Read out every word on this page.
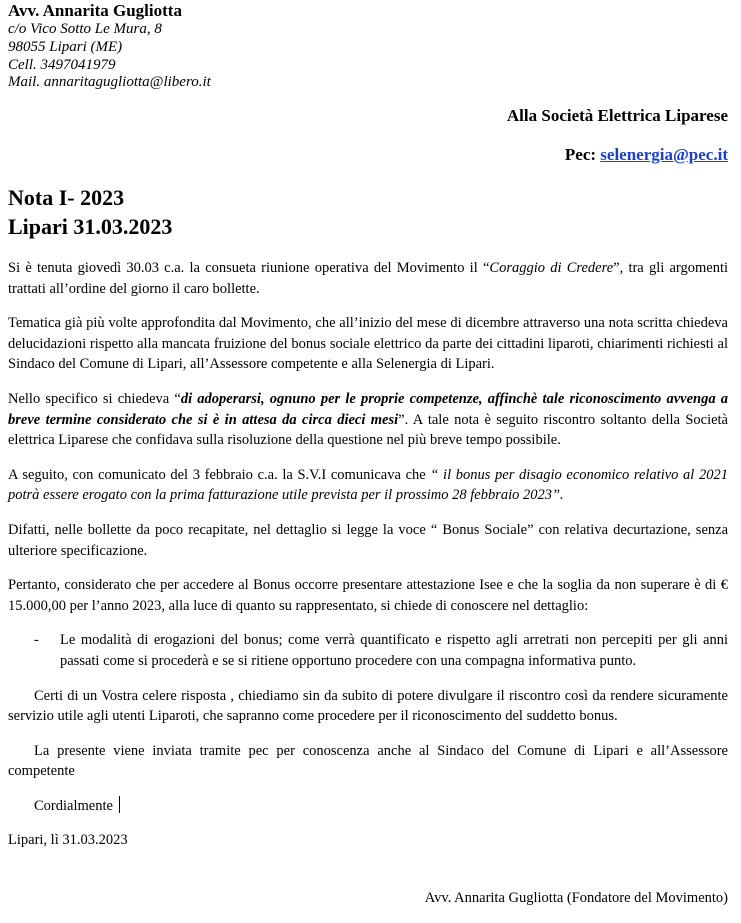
Avv. Annarita Gugliotta
c/o Vico Sotto Le Mura, 8
98055 Lipari (ME)
Cell. 3497041979
Mail. annaritagugliotta@libero.it
Alla Società Elettrica Liparese
Pec: selenergia@pec.it
Nota I- 2023
Lipari 31.03.2023

Si è tenuta giovedì 30.03 c.a. la consueta riunione operativa del Movimento il “Coraggio di Credere”, tra gli argomenti trattati all’ordine del giorno il caro bollette.

Tematica già più volte approfondita dal Movimento, che all’inizio del mese di dicembre attraverso una nota scritta chiedeva delucidazioni rispetto alla mancata fruizione del bonus sociale elettrico da parte dei cittadini liparoti, chiarimenti richiesti al Sindaco del Comune di Lipari, all’Assessore competente e alla Selenergia di Lipari.

Nello specifico si chiedeva “di adoperarsi, ognuno per le proprie competenze, affinchè tale riconoscimento avvenga a breve termine considerato che si è in attesa da circa dieci mesi”. A tale nota è seguito riscontro soltanto della Società elettrica Liparese che confidava sulla risoluzione della questione nel più breve tempo possibile.

A seguito, con comunicato del 3 febbraio c.a. la S.V.I comunicava che “ il bonus per disagio economico relativo al 2021 potrà essere erogato con la prima fatturazione utile prevista per il prossimo 28 febbraio 2023”.

Difatti, nelle bollette da poco recapitate, nel dettaglio si legge la voce “ Bonus Sociale” con relativa decurtazione, senza ulteriore specificazione.

Pertanto, considerato che per accedere al Bonus occorre presentare attestazione Isee e che la soglia da non superare è di € 15.000,00 per l’anno 2023, alla luce di quanto su rappresentato, si chiede di conoscere nel dettaglio:

-	Le modalità di erogazioni del bonus; come verrà quantificato e rispetto agli arretrati non percepiti per gli anni passati come si procederà e se si ritiene opportuno procedere con una compagna informativa punto.

Certi di un Vostra celere risposta , chiediamo sin da subito di potere divulgare il riscontro così da rendere sicuramente servizio utile agli utenti Liparoti, che sapranno come procedere per il riconoscimento del suddetto bonus.

La presente viene inviata tramite pec per conoscenza anche al Sindaco del Comune di Lipari e all’Assessore competente

Cordialmente

Lipari, lì 31.03.2023

Avv. Annarita Gugliotta (Fondatore del Movimento)
